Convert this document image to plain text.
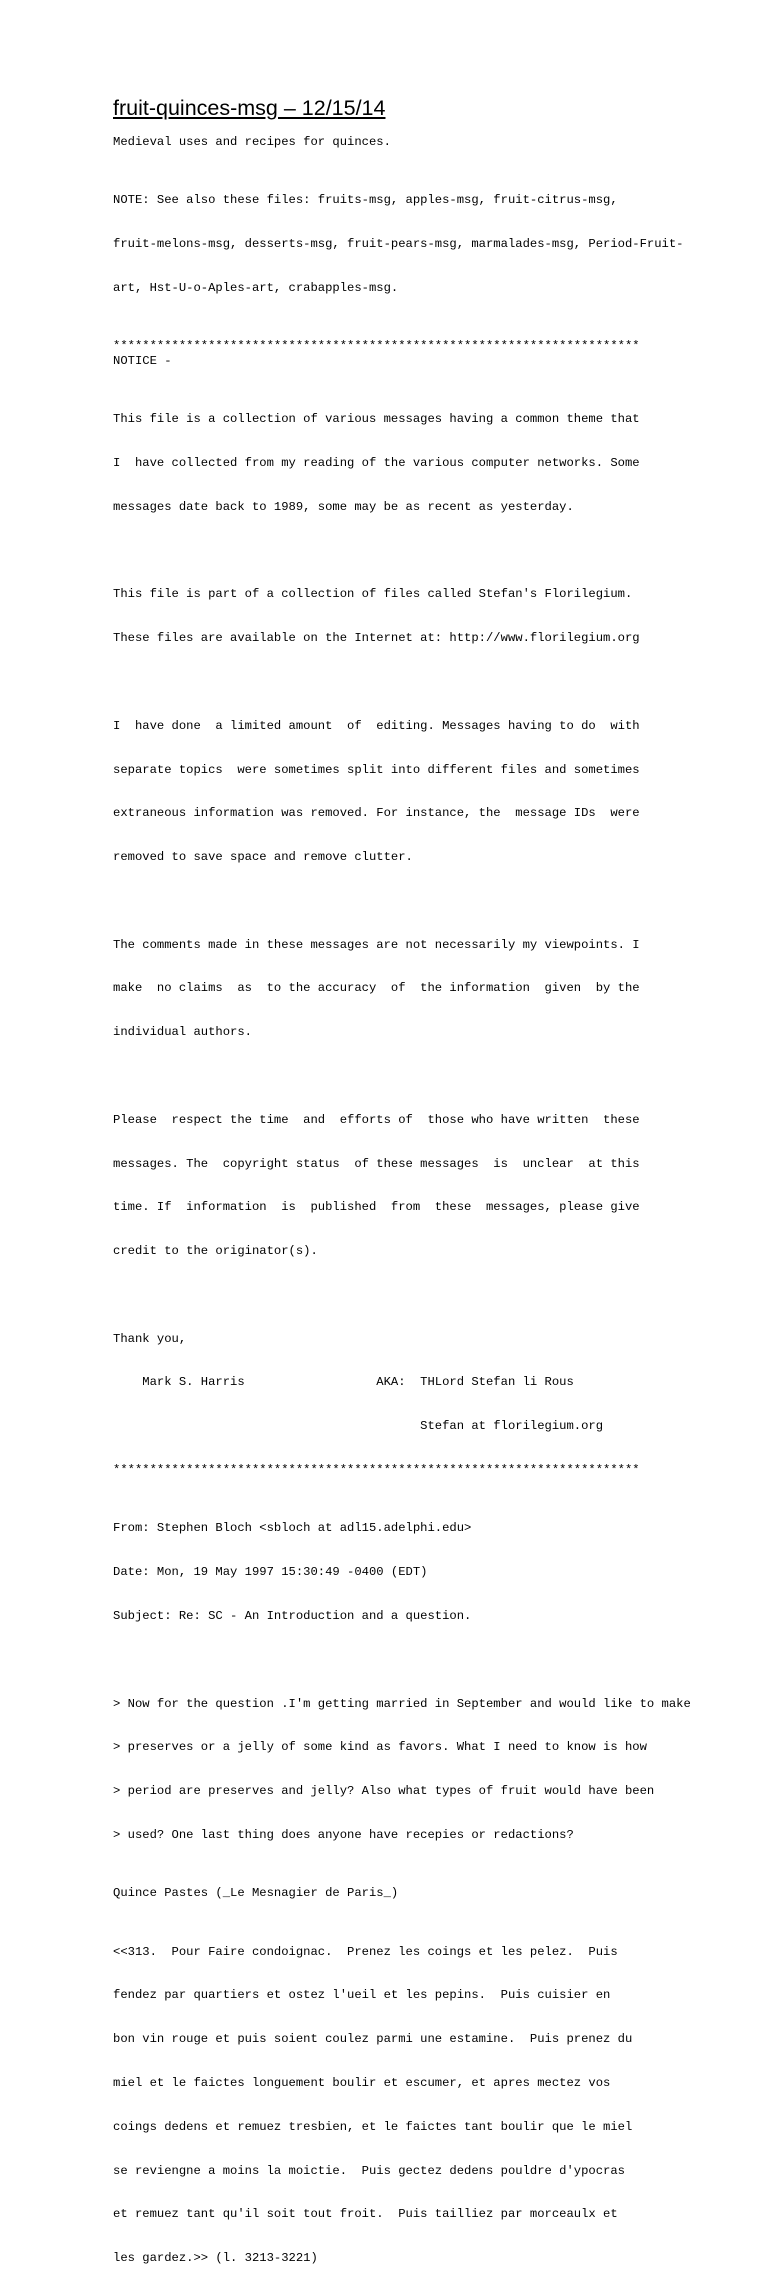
fruit-quinces-msg – 12/15/14
Medieval uses and recipes for quinces.

NOTE: See also these files: fruits-msg, apples-msg, fruit-citrus-msg,

fruit-melons-msg, desserts-msg, fruit-pears-msg, marmalades-msg, Period-Fruit-

art, Hst-U-o-Aples-art, crabapples-msg.

************************************************************************
NOTICE -

This file is a collection of various messages having a common theme that

I  have collected from my reading of the various computer networks. Some

messages date back to 1989, some may be as recent as yesterday.

This file is part of a collection of files called Stefan's Florilegium.

These files are available on the Internet at: http://www.florilegium.org

I  have done  a limited amount  of  editing. Messages having to do  with

separate topics  were sometimes split into different files and sometimes

extraneous information was removed. For instance, the  message IDs  were

removed to save space and remove clutter.

The comments made in these messages are not necessarily my viewpoints. I

make  no claims  as  to the accuracy  of  the information  given  by the

individual authors.

Please  respect the time  and  efforts of  those who have written  these

messages. The  copyright status  of these messages  is  unclear  at this

time. If  information  is  published  from  these  messages, please give

credit to the originator(s).

Thank you,

Mark S. Harris                  AKA:  THLord Stefan li Rous

Stefan at florilegium.org

************************************************************************

From: Stephen Bloch <sbloch at adl15.adelphi.edu>

Date: Mon, 19 May 1997 15:30:49 -0400 (EDT)

Subject: Re: SC - An Introduction and a question.

> Now for the question .I'm getting married in September and would like to make

> preserves or a jelly of some kind as favors. What I need to know is how

> period are preserves and jelly? Also what types of fruit would have been

> used? One last thing does anyone have recepies or redactions?

Quince Pastes (_Le Mesnagier de Paris_)

<<313.  Pour Faire condoignac.  Prenez les coings et les pelez.  Puis

fendez par quartiers et ostez l'ueil et les pepins.  Puis cuisier en

bon vin rouge et puis soient coulez parmi une estamine.  Puis prenez du

miel et le faictes longuement boulir et escumer, et apres mectez vos

coings dedens et remuez tresbien, et le faictes tant boulir que le miel

se reviengne a moins la moictie.  Puis gectez dedens pouldre d'ypocras

et remuez tant qu'il soit tout froit.  Puis tailliez par morceaulx et

les gardez.>> (l. 3213-3221)
